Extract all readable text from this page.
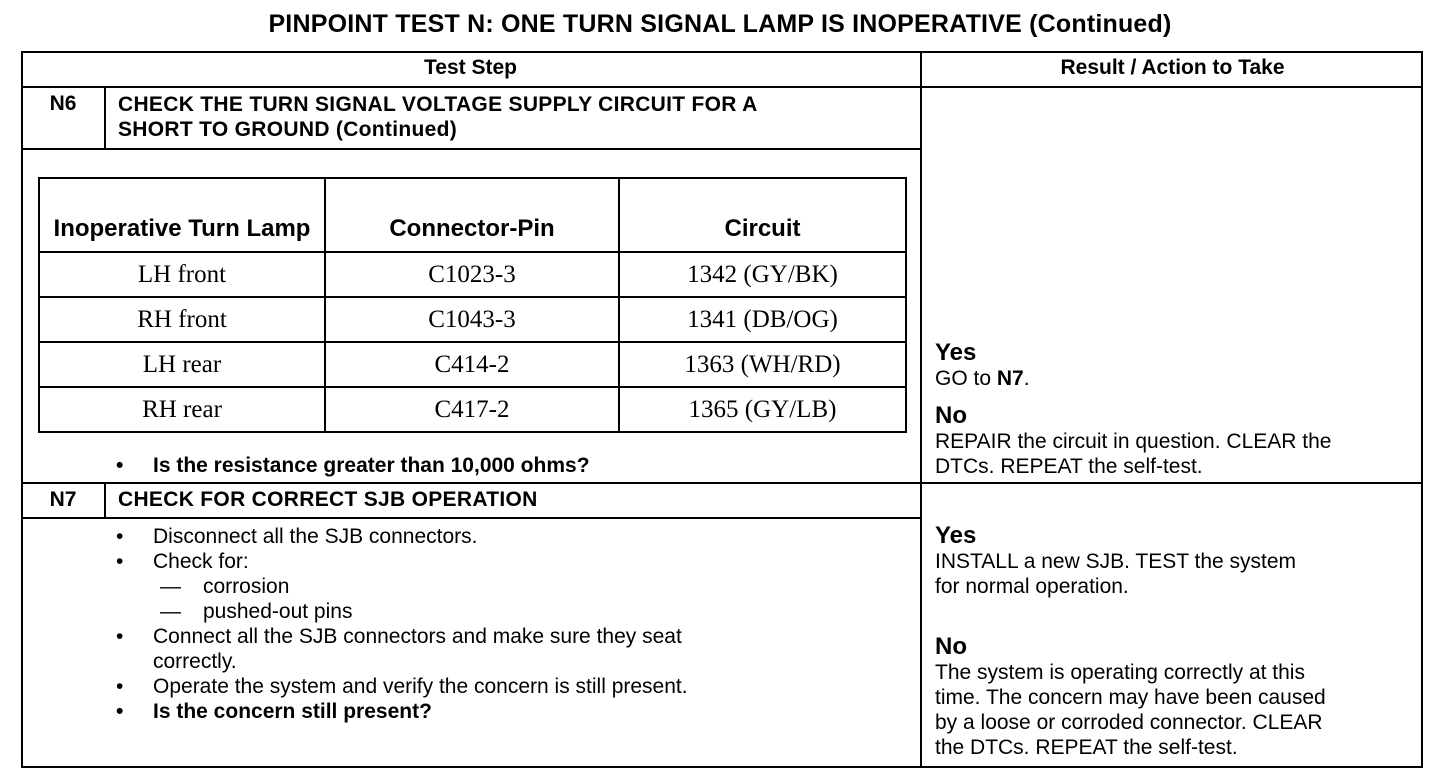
PINPOINT TEST N: ONE TURN SIGNAL LAMP IS INOPERATIVE (Continued)
Test Step	Result / Action to Take
N6	CHECK THE TURN SIGNAL VOLTAGE SUPPLY CIRCUIT FOR A
SHORT TO GROUND (Continued)
Inoperative Turn Lamp	Connector-Pin	Circuit
LH front	C1023-3	1342 (GY/BK)
RH front	C1043-3	1341 (DB/OG)
LH rear	C414-2	1363 (WH/RD)
RH rear	C417-2	1365 (GY/LB)
• Is the resistance greater than 10,000 ohms?
Yes
GO to N7.
No
REPAIR the circuit in question. CLEAR the
DTCs. REPEAT the self-test.
N7	CHECK FOR CORRECT SJB OPERATION
• Disconnect all the SJB connectors.
• Check for:
— corrosion
— pushed-out pins
• Connect all the SJB connectors and make sure they seat
correctly.
• Operate the system and verify the concern is still present.
• Is the concern still present?
Yes
INSTALL a new SJB. TEST the system
for normal operation.
No
The system is operating correctly at this
time. The concern may have been caused
by a loose or corroded connector. CLEAR
the DTCs. REPEAT the self-test.
